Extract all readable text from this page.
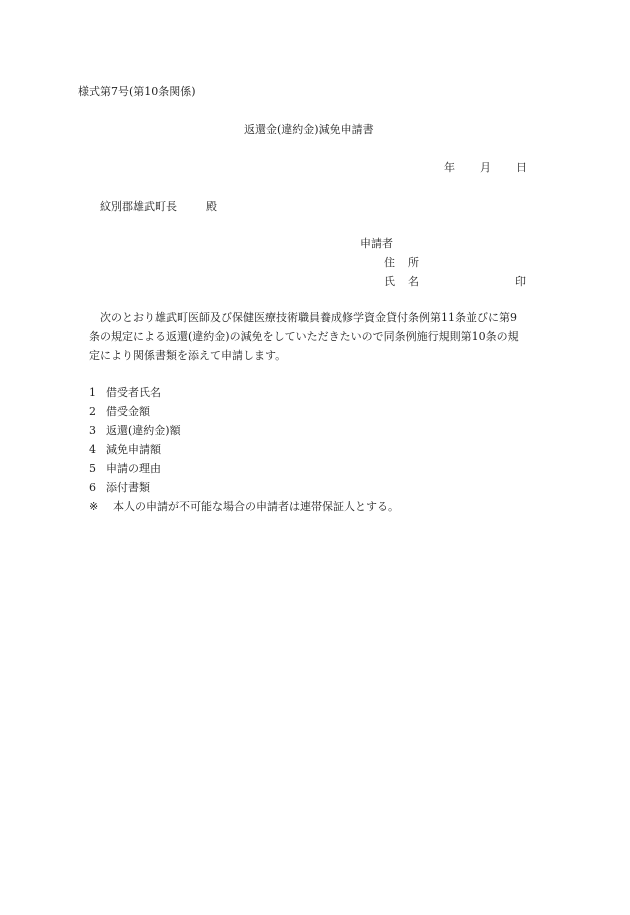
様式第7号(第10条関係)
返還金(違約金)減免申請書
年 月 日
紋別郡雄武町長	殿
申請者
住 所
氏 名	印

次のとおり雄武町医師及び保健医療技術職員養成修学資金貸付条例第11条並びに第9

条の規定による返還(違約金)の減免をしていただきたいので同条例施行規則第10条の規

定により関係書類を添えて申請します。

1 借受者氏名
2 借受金額
3 返還(違約金)額
4 減免申請額
5 申請の理由
6 添付書類
※ 本人の申請が不可能な場合の申請者は連帯保証人とする。
